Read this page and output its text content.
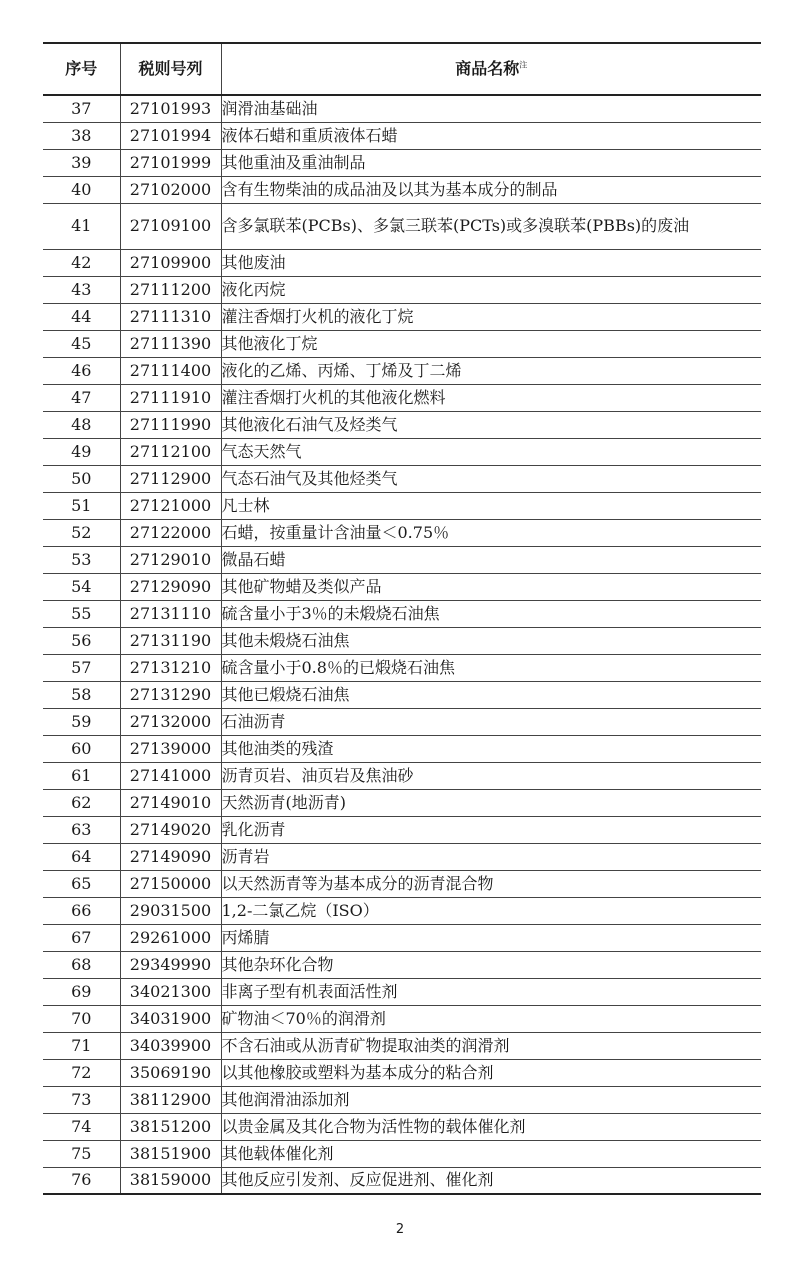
序号	税则号列	商品名称$^注$
37	27101993	润滑油基础油
38	27101994	液体石蜡和重质液体石蜡
39	27101999	其他重油及重油制品
40	27102000	含有生物柴油的成品油及以其为基本成分的制品
41	27109100	含多氯联苯(PCBs)、多氯三联苯(PCTs)或多溴联苯(PBBs)的废油
42	27109900	其他废油
43	27111200	液化丙烷
44	27111310	灌注香烟打火机的液化丁烷
45	27111390	其他液化丁烷
46	27111400	液化的乙烯、丙烯、丁烯及丁二烯
47	27111910	灌注香烟打火机的其他液化燃料
48	27111990	其他液化石油气及烃类气
49	27112100	气态天然气
50	27112900	气态石油气及其他烃类气
51	27121000	凡士林
52	27122000	石蜡，按重量计含油量＜0.75％
53	27129010	微晶石蜡
54	27129090	其他矿物蜡及类似产品
55	27131110	硫含量小于3％的未煅烧石油焦
56	27131190	其他未煅烧石油焦
57	27131210	硫含量小于0.8％的已煅烧石油焦
58	27131290	其他已煅烧石油焦
59	27132000	石油沥青
60	27139000	其他油类的残渣
61	27141000	沥青页岩、油页岩及焦油砂
62	27149010	天然沥青(地沥青)
63	27149020	乳化沥青
64	27149090	沥青岩
65	27150000	以天然沥青等为基本成分的沥青混合物
66	29031500	1,2-二氯乙烷（ISO）
67	29261000	丙烯腈
68	29349990	其他杂环化合物
69	34021300	非离子型有机表面活性剂
70	34031900	矿物油＜70％的润滑剂
71	34039900	不含石油或从沥青矿物提取油类的润滑剂
72	35069190	以其他橡胶或塑料为基本成分的粘合剂
73	38112900	其他润滑油添加剂
74	38151200	以贵金属及其化合物为活性物的载体催化剂
75	38151900	其他载体催化剂
76	38159000	其他反应引发剂、反应促进剂、催化剂
2
